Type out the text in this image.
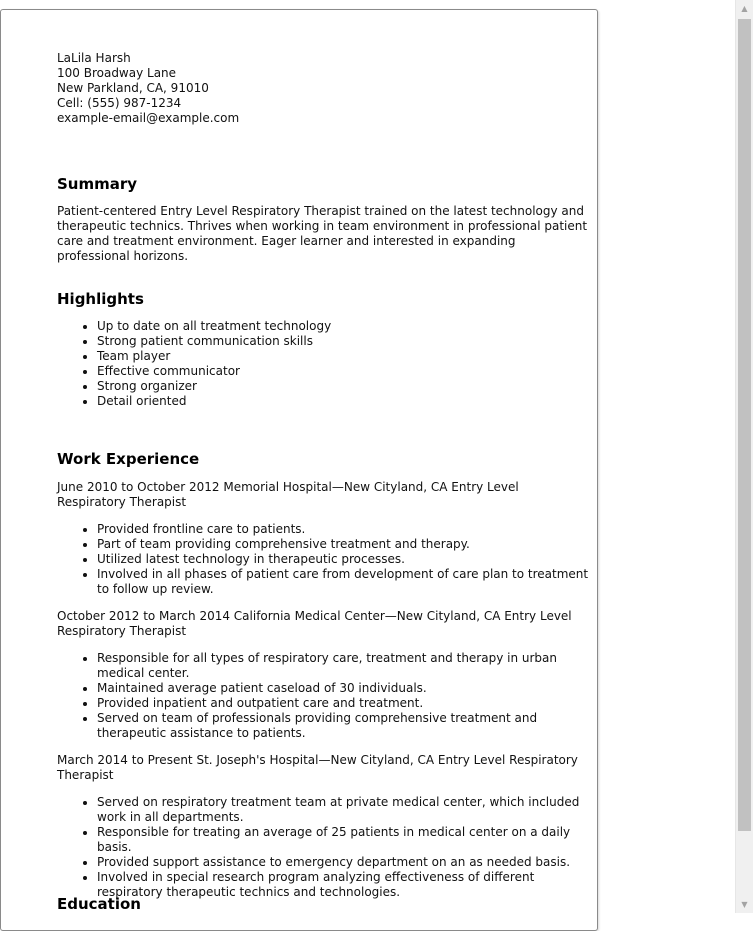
LaLila Harsh
100 Broadway Lane
New Parkland, CA, 91010
Cell: (555) 987-1234
example-email@example.com
Summary

Patient-centered Entry Level Respiratory Therapist trained on the latest technology and therapeutic technics. Thrives when working in team environment in professional patient care and treatment environment. Eager learner and interested in expanding professional horizons.

Highlights
• Up to date on all treatment technology
• Strong patient communication skills
• Team player
• Effective communicator
• Strong organizer
• Detail oriented
Work Experience

June 2010 to October 2012 Memorial Hospital—New Cityland, CA Entry Level Respiratory Therapist

• Provided frontline care to patients.
• Part of team providing comprehensive treatment and therapy.
• Utilized latest technology in therapeutic processes.
• Involved in all phases of patient care from development of care plan to treatment to follow up review.

October 2012 to March 2014 California Medical Center—New Cityland, CA Entry Level Respiratory Therapist

• Responsible for all types of respiratory care, treatment and therapy in urban medical center.
• Maintained average patient caseload of 30 individuals.
• Provided inpatient and outpatient care and treatment.
• Served on team of professionals providing comprehensive treatment and therapeutic assistance to patients.

March 2014 to Present St. Joseph's Hospital—New Cityland, CA Entry Level Respiratory Therapist

• Served on respiratory treatment team at private medical center, which included work in all departments.
• Responsible for treating an average of 25 patients in medical center on a daily basis.
• Provided support assistance to emergency department on an as needed basis.
• Involved in special research program analyzing effectiveness of different respiratory therapeutic technics and technologies.
Education
▲
▼
